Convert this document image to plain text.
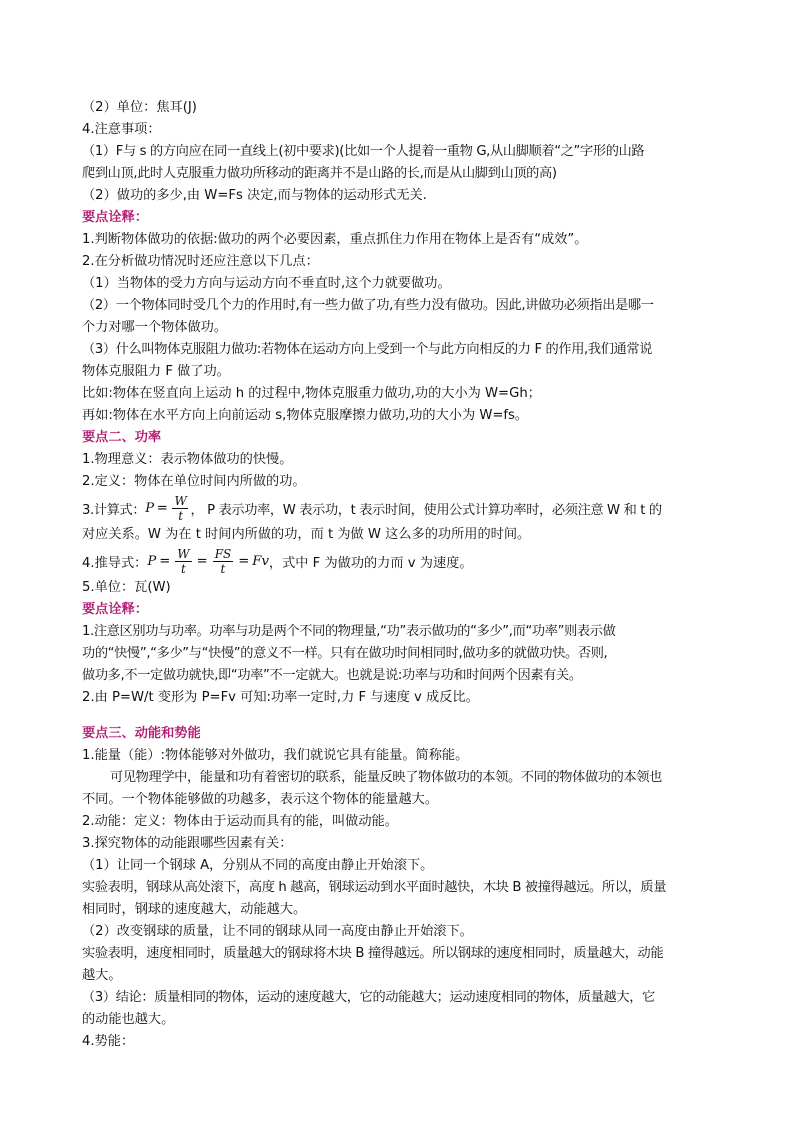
（2）单位：焦耳(J)
4.注意事项：
（1）F与 s 的方向应在同一直线上(初中要求)(比如一个人提着一重物 G,从山脚顺着“之”字形的山路
爬到山顶,此时人克服重力做功所移动的距离并不是山路的长,而是从山脚到山顶的高)
（2）做功的多少,由 W=Fs 决定,而与物体的运动形式无关.
要点诠释：
1.判断物体做功的依据:做功的两个必要因素，重点抓住力作用在物体上是否有“成效”。
2.在分析做功情况时还应注意以下几点：
（1）当物体的受力方向与运动方向不垂直时,这个力就要做功。
（2）一个物体同时受几个力的作用时,有一些力做了功,有些力没有做功。因此,讲做功必须指出是哪一
个力对哪一个物体做功。
（3）什么叫物体克服阻力做功:若物体在运动方向上受到一个与此方向相反的力 F 的作用,我们通常说
物体克服阻力 F 做了功。
比如:物体在竖直向上运动 h 的过程中,物体克服重力做功,功的大小为 W=Gh；
再如:物体在水平方向上向前运动 s,物体克服摩擦力做功,功的大小为 W=fs。
要点二、功率
1.物理意义：表示物体做功的快慢。
2.定义：物体在单位时间内所做的功。
3.计算式： $P = \frac{W}{t}$ ， P 表示功率，W 表示功，t 表示时间，使用公式计算功率时，必须注意 W 和 t 的
对应关系。W 为在 t 时间内所做的功，而 t 为做 W 这么多的功所用的时间。
4.推导式： $P = \frac{W}{t} = \frac{FS}{t} = Fv$ ，式中 F 为做功的力而 v 为速度。
5.单位：瓦(W)
要点诠释：
1.注意区别功与功率。功率与功是两个不同的物理量,“功”表示做功的“多少”,而“功率”则表示做
功的“快慢”,“多少”与“快慢”的意义不一样。只有在做功时间相同时,做功多的就做功快。否则,
做功多,不一定做功就快,即“功率”不一定就大。也就是说:功率与功和时间两个因素有关。
2.由 P=W/t 变形为 P=Fv 可知:功率一定时,力 F 与速度 v 成反比。
要点三、动能和势能
1.能量（能）:物体能够对外做功，我们就说它具有能量。简称能。
可见物理学中，能量和功有着密切的联系，能量反映了物体做功的本领。不同的物体做功的本领也
不同。一个物体能够做的功越多，表示这个物体的能量越大。
2.动能：定义：物体由于运动而具有的能，叫做动能。
3.探究物体的动能跟哪些因素有关：
（1）让同一个钢球 A，分别从不同的高度由静止开始滚下。
实验表明，钢球从高处滚下，高度 h 越高，钢球运动到水平面时越快，木块 B 被撞得越远。所以，质量
相同时，钢球的速度越大，动能越大。
（2）改变钢球的质量，让不同的钢球从同一高度由静止开始滚下。
实验表明，速度相同时，质量越大的钢球将木块 B 撞得越远。所以钢球的速度相同时，质量越大，动能
越大。
（3）结论：质量相同的物体，运动的速度越大，它的动能越大；运动速度相同的物体，质量越大，它
的动能也越大。
4.势能：
